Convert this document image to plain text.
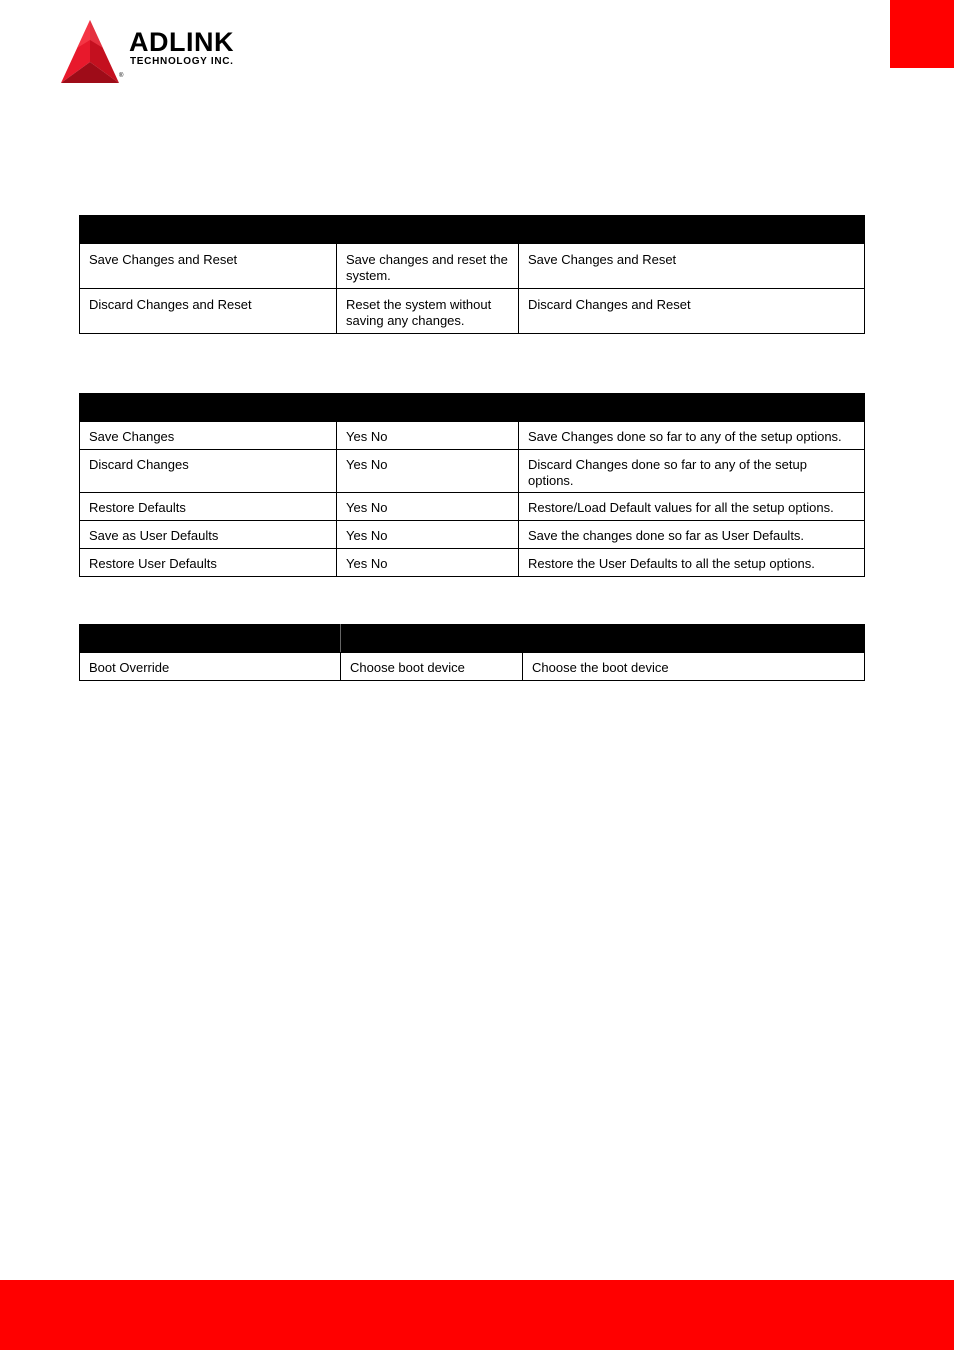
ADLINK
TECHNOLOGY INC.
®

Save Changes and Reset	Save changes and reset the system.	Save Changes and Reset
Discard Changes and Reset	Reset the system without saving any changes.	Discard Changes and Reset

Save Changes	Yes No	Save Changes done so far to any of the setup options.
Discard Changes	Yes No	Discard Changes done so far to any of the setup options.
Restore Defaults	Yes No	Restore/Load Default values for all the setup options.
Save as User Defaults	Yes No	Save the changes done so far as User Defaults.
Restore User Defaults	Yes No	Restore the User Defaults to all the setup options.

Boot Override	Choose boot device	Choose the boot device
